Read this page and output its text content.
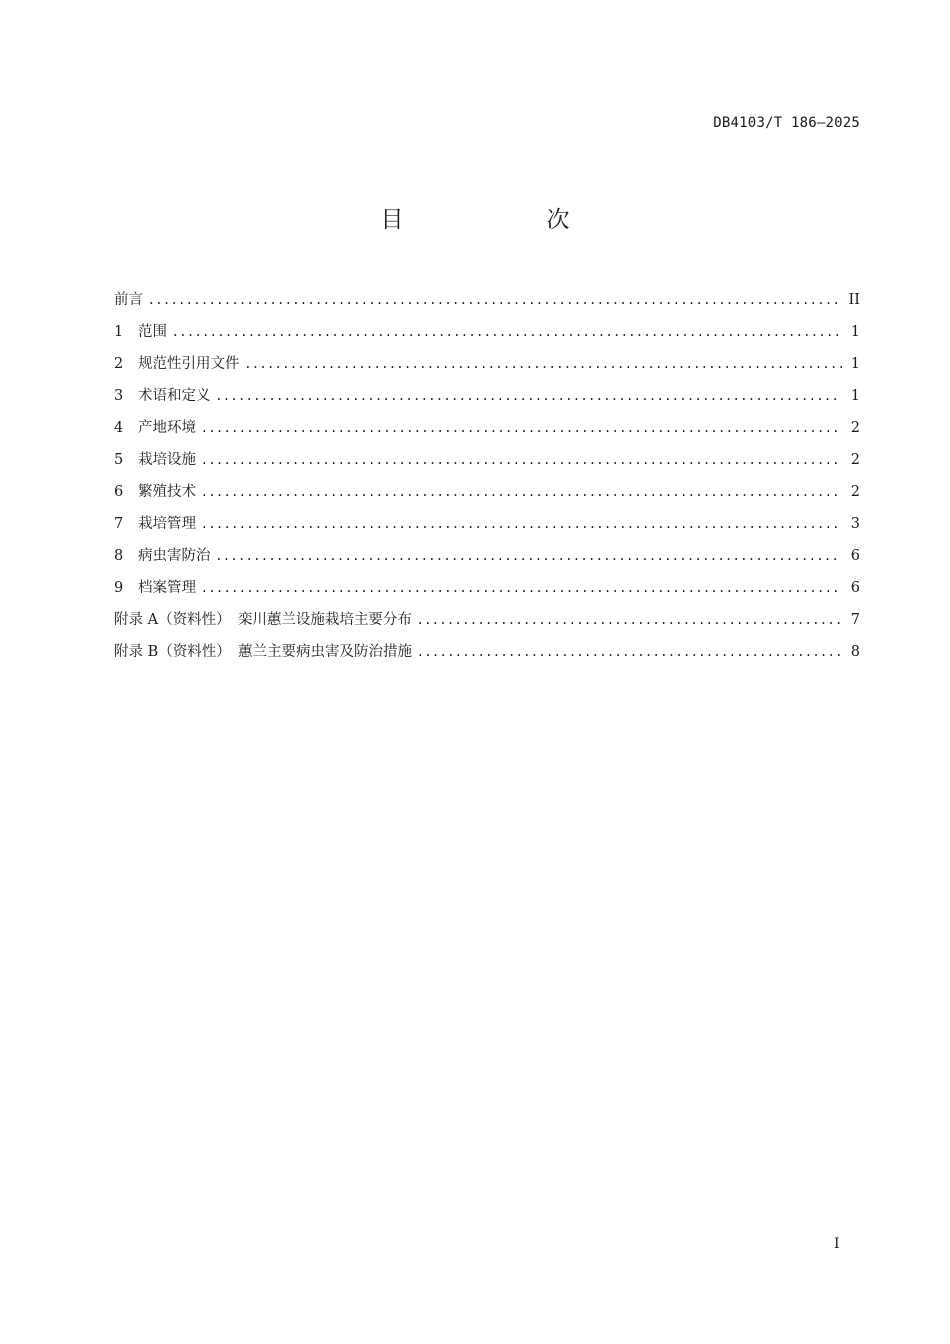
DB4103/T 186—2025
目　次
前言 .....	II
1 范围 .....	1
2 规范性引用文件 .....	1
3 术语和定义 .....	1
4 产地环境 .....	2
5 栽培设施 .....	2
6 繁殖技术 .....	2
7 栽培管理 .....	3
8 病虫害防治 .....	6
9 档案管理 .....	6
附录 A（资料性）　栾川蕙兰设施栽培主要分布 .....	7
附录 B（资料性）　蕙兰主要病虫害及防治措施 .....	8
I
